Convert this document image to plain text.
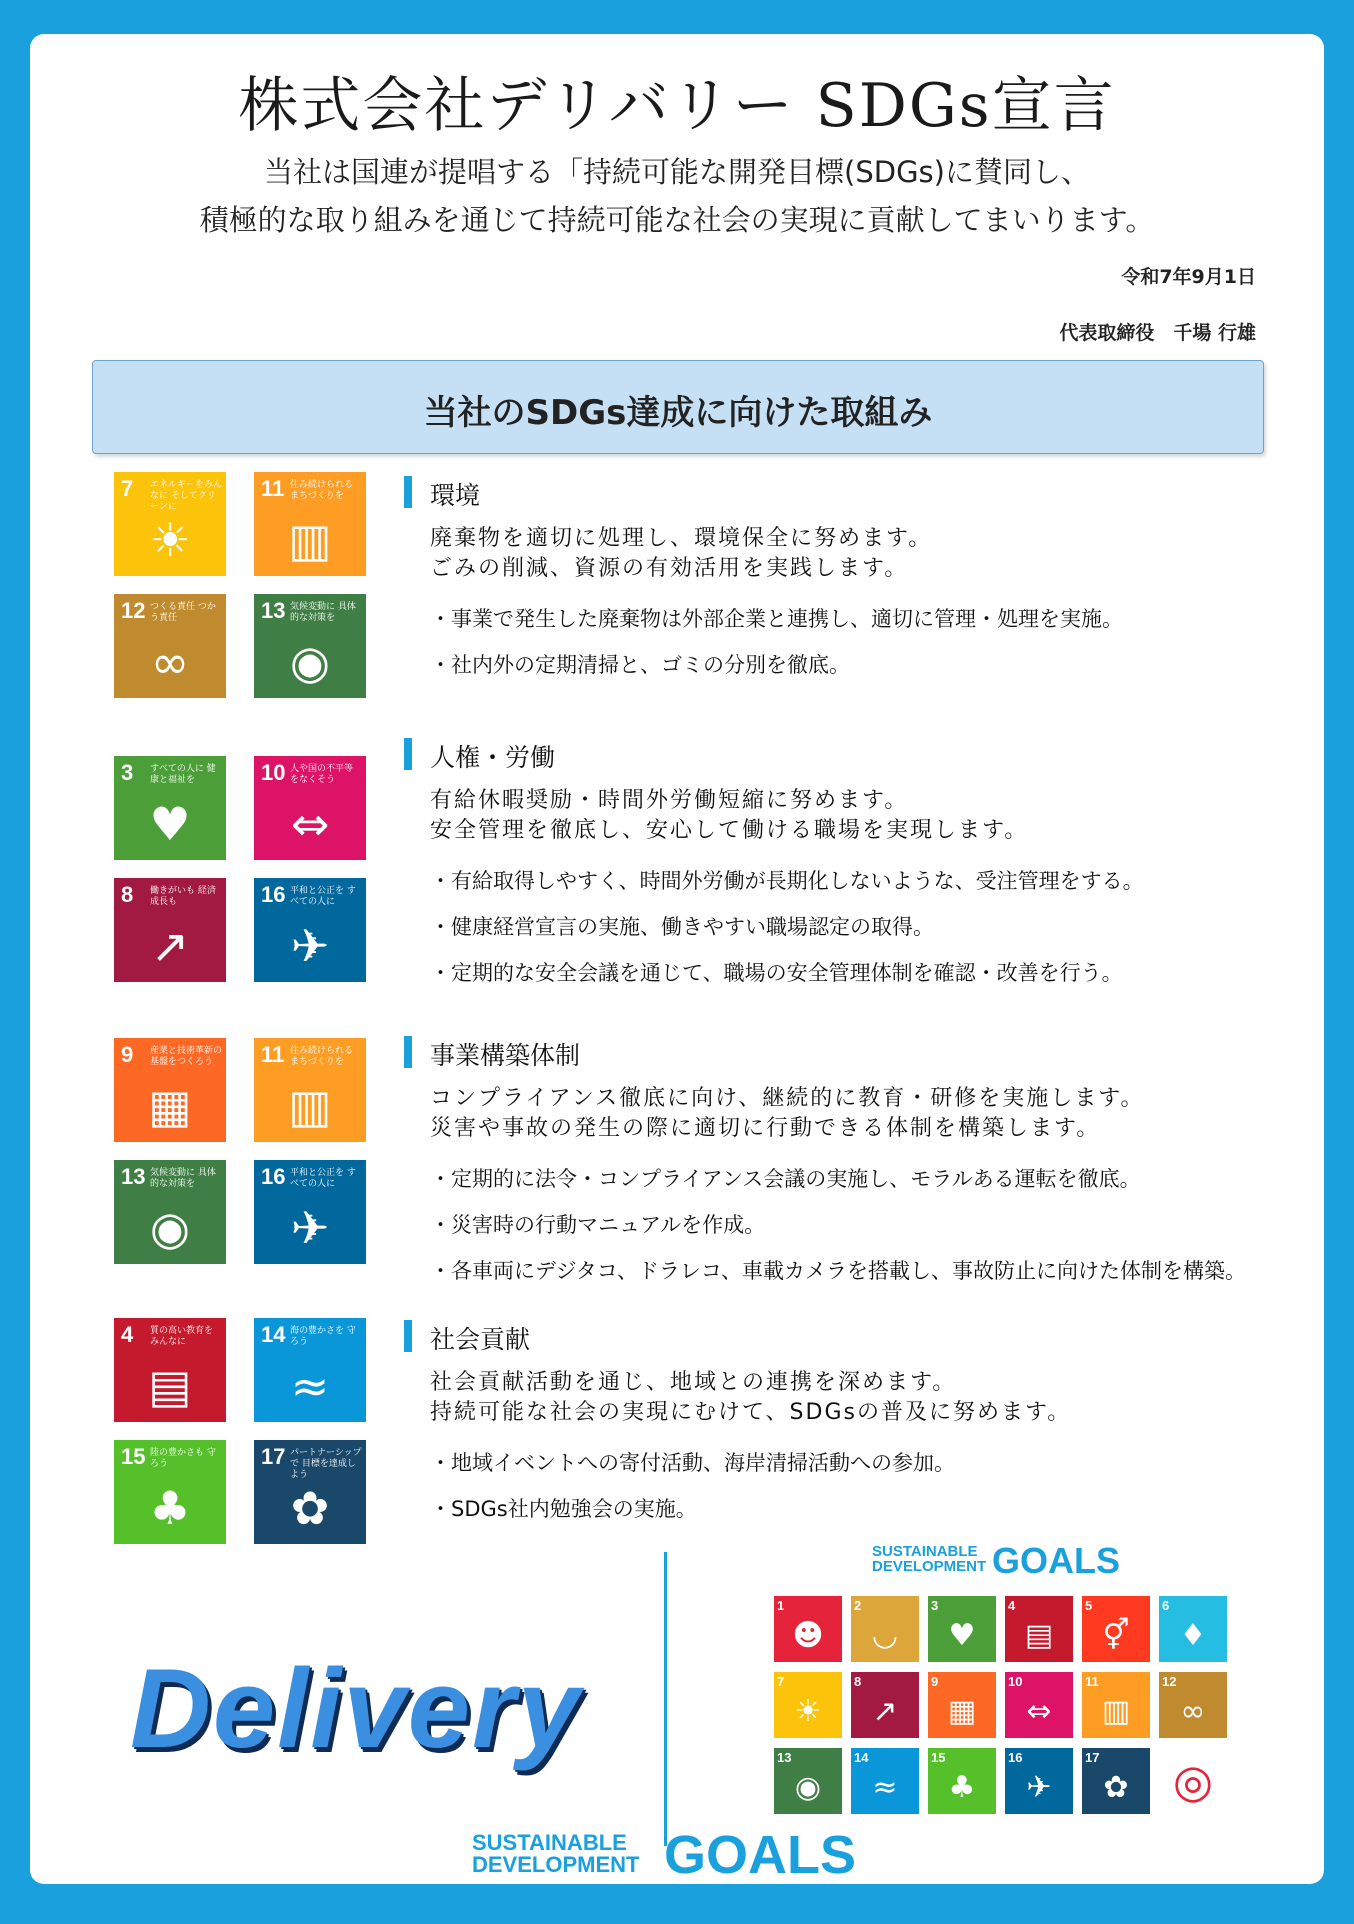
株式会社デリバリー SDGs宣言
当社は国連が提唱する「持続可能な開発目標(SDGs)に賛同し、
積極的な取り組みを通じて持続可能な社会の実現に貢献してまいります。
令和7年9月1日
代表取締役　千場 行雄
当社のSDGs達成に向けた取組み
7 エネルギーをみんなに そしてクリーンに
☀
11 住み続けられる まちづくりを
▥
12 つくる責任 つかう責任
∞
13 気候変動に 具体的な対策を
◉
環境
廃棄物を適切に処理し、環境保全に努めます。
ごみの削減、資源の有効活用を実践します。
・事業で発生した廃棄物は外部企業と連携し、適切に管理・処理を実施。
・社内外の定期清掃と、ゴミの分別を徹底。
3 すべての人に 健康と福祉を
♥
10 人や国の不平等 をなくそう
⇔
8 働きがいも 経済成長も
↗
16 平和と公正を すべての人に
✈
人権・労働
有給休暇奨励・時間外労働短縮に努めます。
安全管理を徹底し、安心して働ける職場を実現します。
・有給取得しやすく、時間外労働が長期化しないような、受注管理をする。
・健康経営宣言の実施、働きやすい職場認定の取得。
・定期的な安全会議を通じて、職場の安全管理体制を確認・改善を行う。
9 産業と技術革新の 基盤をつくろう
▦
11 住み続けられる まちづくりを
▥
13 気候変動に 具体的な対策を
◉
16 平和と公正を すべての人に
✈
事業構築体制
コンプライアンス徹底に向け、継続的に教育・研修を実施します。
災害や事故の発生の際に適切に行動できる体制を構築します。
・定期的に法令・コンプライアンス会議の実施し、モラルある運転を徹底。
・災害時の行動マニュアルを作成。
・各車両にデジタコ、ドラレコ、車載カメラを搭載し、事故防止に向けた体制を構築。
4 質の高い教育を みんなに
▤
14 海の豊かさを 守ろう
≈
15 陸の豊かさも 守ろう
♣
17 パートナーシップで 目標を達成しよう
✿
社会貢献
社会貢献活動を通じ、地域との連携を深めます。
持続可能な社会の実現にむけて、SDGsの普及に努めます。
・地域イベントへの寄付活動、海岸清掃活動への参加。
・SDGs社内勉強会の実施。
Delivery
SUSTAINABLE
DEVELOPMENT GOALS
1
☻
2
◡
3
♥
4
▤
5
⚥
6
♦
7
☀
8
↗
9
▦
10
⇔
11
▥
12
∞
13
◉
14
≈
15
♣
16
✈
17
✿ ◎
SUSTAINABLE
DEVELOPMENT GOALS
